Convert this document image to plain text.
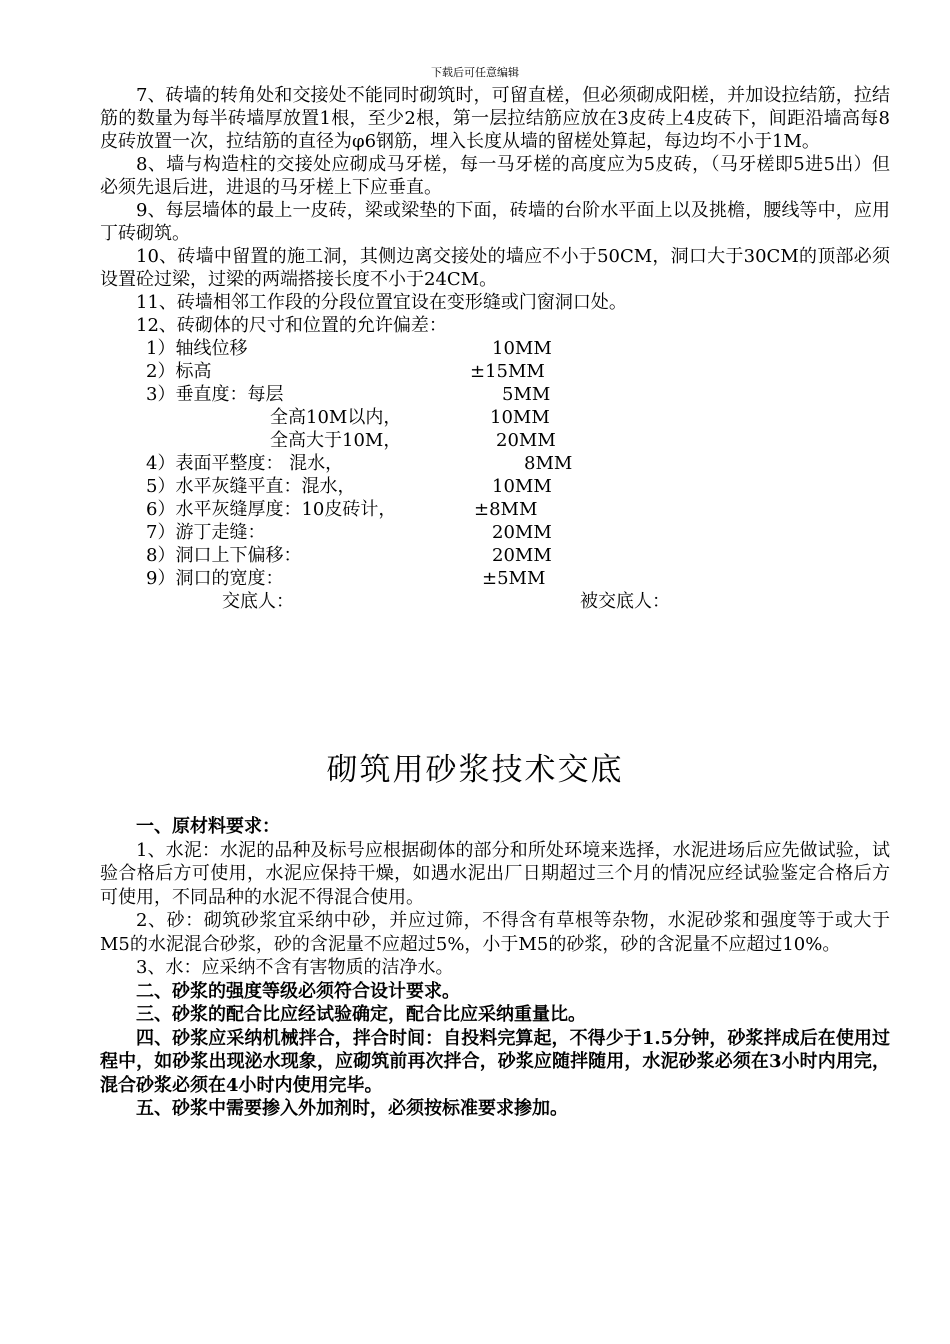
下载后可任意编辑

7、砖墙的转角处和交接处不能同时砌筑时，可留直槎，但必须砌成阳槎，并加设拉结筋，拉结筋的数量为每半砖墙厚放置1根，至少2根，第一层拉结筋应放在3皮砖上4皮砖下，间距沿墙高每8皮砖放置一次，拉结筋的直径为φ6钢筋，埋入长度从墙的留槎处算起，每边均不小于1M。

8、墙与构造柱的交接处应砌成马牙槎，每一马牙槎的高度应为5皮砖，（马牙槎即5进5出）但必须先退后进，进退的马牙槎上下应垂直。

9、每层墙体的最上一皮砖，梁或梁垫的下面，砖墙的台阶水平面上以及挑檐，腰线等中，应用丁砖砌筑。

10、砖墙中留置的施工洞，其侧边离交接处的墙应不小于50CM，洞口大于30CM的顶部必须设置砼过梁，过梁的两端搭接长度不小于24CM。

11、砖墙相邻工作段的分段位置宜设在变形缝或门窗洞口处。

12、砖砌体的尺寸和位置的允许偏差：

1）轴线位移	10MM
2）标高	±15MM
3）垂直度：每层	5MM
全高10M以内，	10MM
全高大于10M，	20MM
4）表面平整度： 混水，	8MM
5）水平灰缝平直：混水，	10MM
6）水平灰缝厚度：10皮砖计，	±8MM
7）游丁走缝：	20MM
8）洞口上下偏移：	20MM
9）洞口的宽度：	±5MM
交底人：	被交底人：
砌筑用砂浆技术交底

一、原材料要求：

1、水泥：水泥的品种及标号应根据砌体的部分和所处环境来选择，水泥进场后应先做试验，试验合格后方可使用，水泥应保持干燥，如遇水泥出厂日期超过三个月的情况应经试验鉴定合格后方可使用，不同品种的水泥不得混合使用。

2、砂：砌筑砂浆宜采纳中砂，并应过筛，不得含有草根等杂物，水泥砂浆和强度等于或大于M5的水泥混合砂浆，砂的含泥量不应超过5%，小于M5的砂浆，砂的含泥量不应超过10%。

3、水：应采纳不含有害物质的洁净水。

二、砂浆的强度等级必须符合设计要求。

三、砂浆的配合比应经试验确定，配合比应采纳重量比。

四、砂浆应采纳机械拌合，拌合时间：自投料完算起，不得少于1.5分钟，砂浆拌成后在使用过程中，如砂浆出现泌水现象，应砌筑前再次拌合，砂浆应随拌随用，水泥砂浆必须在3小时内用完，混合砂浆必须在4小时内使用完毕。

五、砂浆中需要掺入外加剂时，必须按标准要求掺加。
